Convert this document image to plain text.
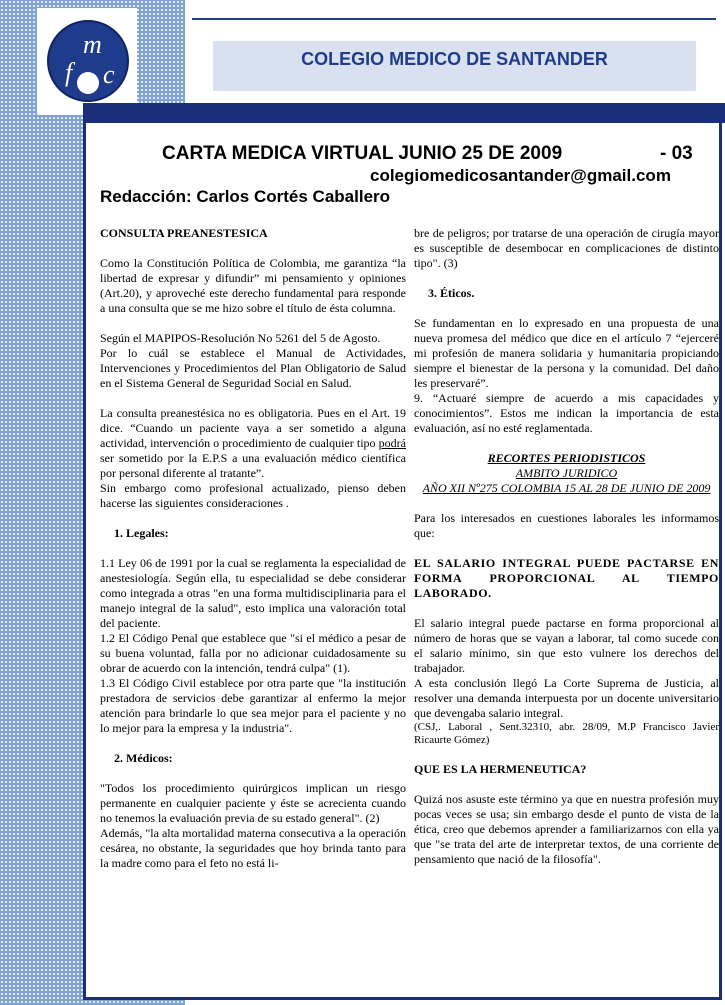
m
f c
COLEGIO MEDICO DE SANTANDER
CARTA MEDICA VIRTUAL JUNIO 25 DE 2009	- 03
colegiomedicosantander@gmail.com
Redacción: Carlos Cortés Caballero

CONSULTA PREANESTESICA

Como la Constitución Política de Colombia, me garantiza “la libertad de expresar y difundir” mi pensamiento y opiniones (Art.20), y aproveché este derecho fundamental para responde a una consulta que se me hizo sobre el título de ésta columna.

Según el MAPIPOS-Resolución No 5261 del 5 de Agosto.

Por lo cuál se establece el Manual de Actividades, Intervenciones y Procedimientos del Plan Obligatorio de Salud en el Sistema General de Seguridad Social en Salud.

La consulta preanestésica no es obligatoria. Pues en el Art. 19 dice. “Cuando un paciente vaya a ser sometido a alguna actividad, intervención o procedimiento de cualquier tipo podrá ser sometido por la E.P.S a una evaluación médico científica por personal diferente al tratante”.

Sin embargo como profesional actualizado, pienso deben hacerse las siguientes consideraciones .

1. Legales:

1.1 Ley 06 de 1991 por la cual se reglamenta la especialidad de anestesiología. Según ella, tu especialidad se debe considerar como integrada a otras "en una forma multidisciplinaria para el manejo integral de la salud", esto implica una valoración total del paciente.

1.2 El Código Penal que establece que "si el médico a pesar de su buena voluntad, falla por no adicionar cuidadosamente su obrar de acuerdo con la intención, tendrá culpa" (1).

1.3 El Código Civil establece por otra parte que "la institución prestadora de servicios debe garantizar al enfermo la mejor atención para brindarle lo que sea mejor para el paciente y no lo mejor para la empresa y la industria".

2. Médicos:

"Todos los procedimiento quirúrgicos implican un riesgo permanente en cualquier paciente y éste se acrecienta cuando no tenemos la evaluación previa de su estado general". (2)

Además, "la alta mortalidad materna consecutiva a la operación cesárea, no obstante, la seguridades que hoy brinda tanto para la madre como para el feto no está li-

bre de peligros; por tratarse de una operación de cirugía mayor es susceptible de desembocar en complicaciones de distinto tipo". (3)

3. Éticos.

Se fundamentan en lo expresado en una propuesta de una nueva promesa del médico que dice en el artículo 7 “ejerceré mi profesión de manera solidaria y humanitaria propiciando siempre el bienestar de la persona y la comunidad. Del daño les preservaré”.

9. “Actuaré siempre de acuerdo a mis capacidades y conocimientos”. Estos me indican la importancia de esta evaluación, así no esté reglamentada.

RECORTES PERIODISTICOS

AMBITO JURIDICO

AÑO XII Nº275 COLOMBIA 15 AL 28 DE JUNIO DE 2009

Para los interesados en cuestiones laborales les informamos que:

EL SALARIO INTEGRAL PUEDE PACTARSE EN FORMA PROPORCIONAL AL TIEMPO LABORADO.

El salario integral puede pactarse en forma proporcional al número de horas que se vayan a laborar, tal como sucede con el salario mínimo, sin que esto vulnere los derechos del trabajador.

A esta conclusión llegó La Corte Suprema de Justicia, al resolver una demanda interpuesta por un docente universitario que devengaba salario integral.

(CSJ,. Laboral , Sent.32310, abr. 28/09, M.P Francisco Javier Ricaurte Gómez)

QUE ES LA HERMENEUTICA?

Quizá nos asuste este término ya que en nuestra profesión muy pocas veces se usa; sin embargo desde el punto de vista de la ética, creo que debemos aprender a familiarizarnos con ella ya que "se trata del arte de interpretar textos, de una corriente de pensamiento que nació de la filosofía".
